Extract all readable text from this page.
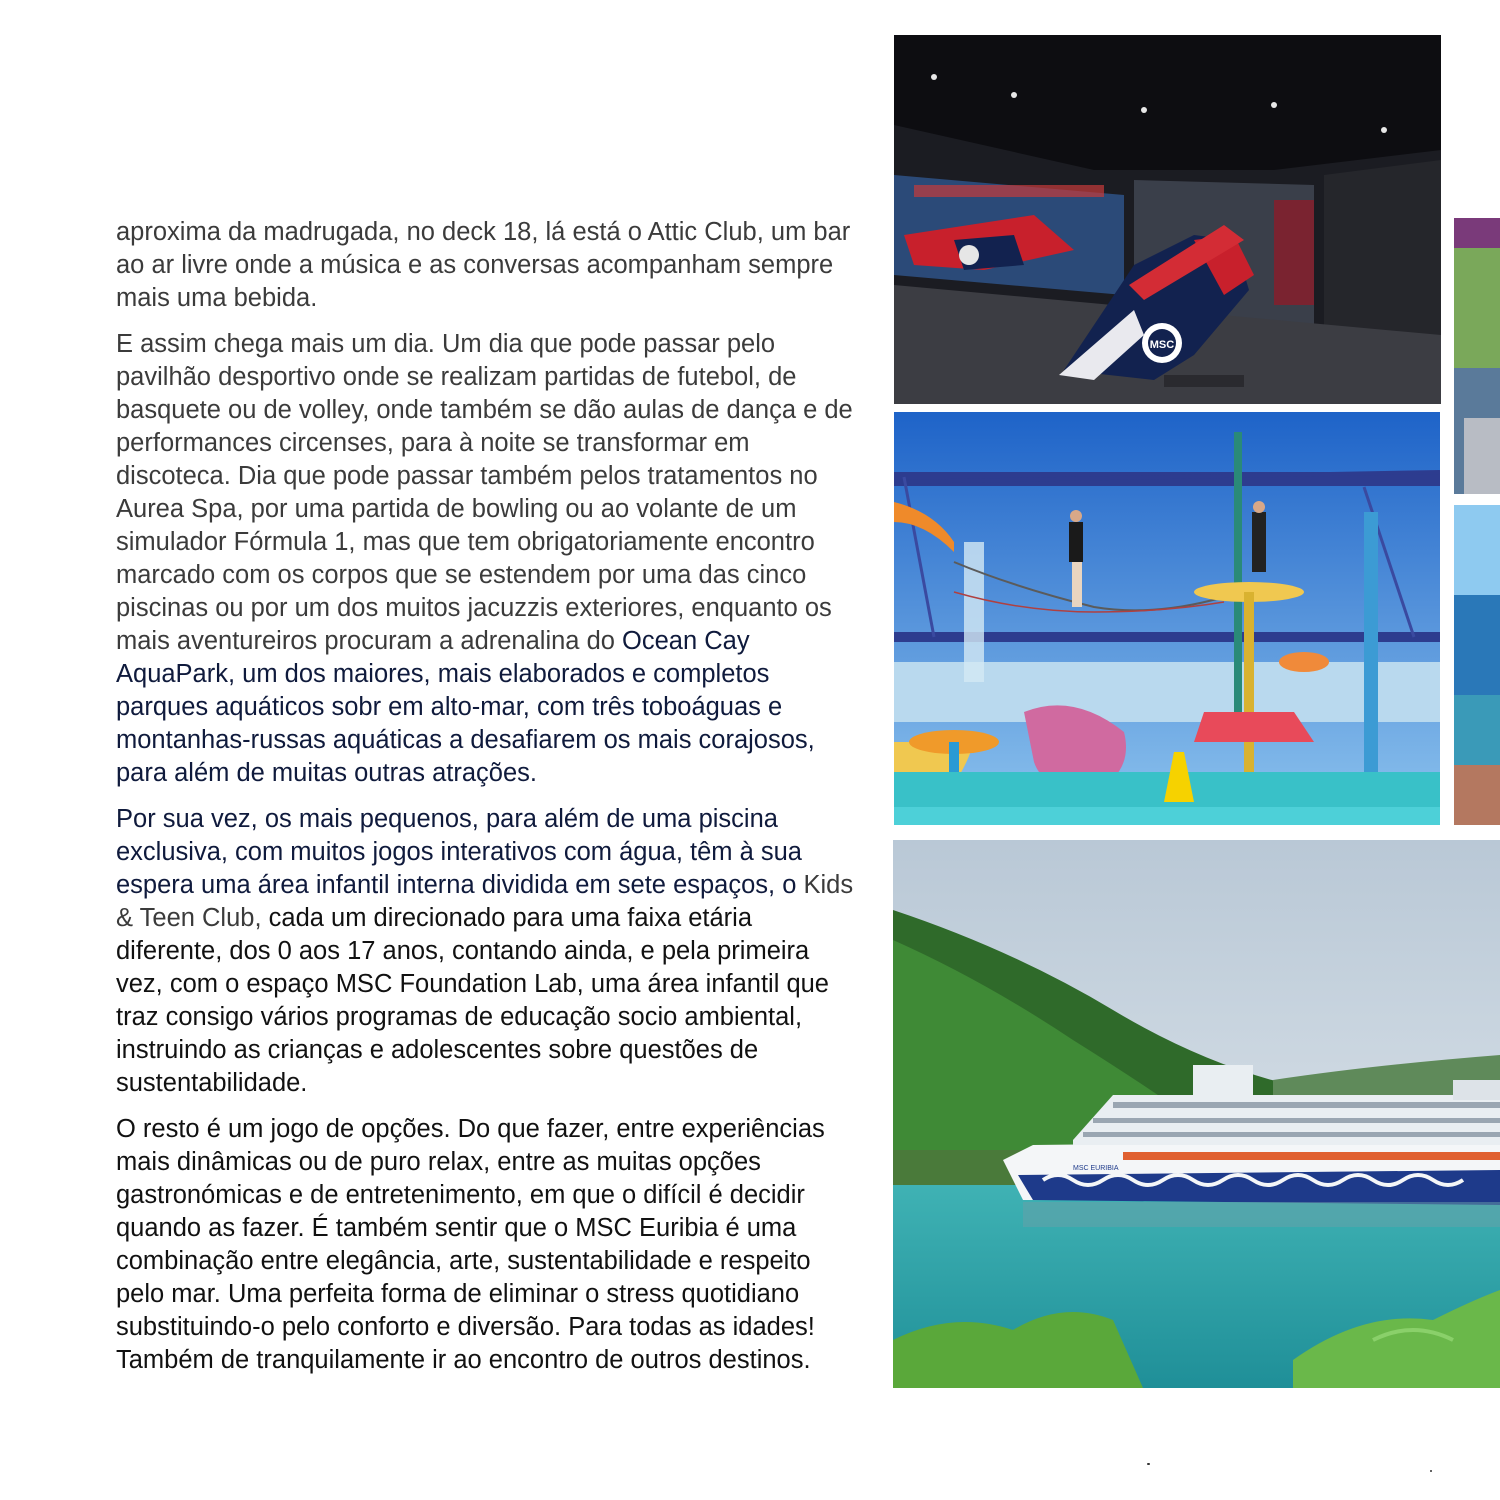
aproxima da madrugada, no deck 18, lá está o Attic Club, um bar ao ar livre onde a música e as conversas acompanham sempre mais uma bebida.

E assim chega mais um dia. Um dia que pode passar pelo pavilhão desportivo onde se realizam partidas de futebol, de basquete ou de volley, onde também se dão aulas de dança e de performances circenses, para à noite se transformar em discoteca. Dia que pode passar também pelos tratamentos no Aurea Spa, por uma partida de bowling ou ao volante de um simulador Fórmula 1, mas que tem obrigatoriamente encontro marcado com os corpos que se estendem por uma das cinco piscinas ou por um dos muitos jacuzzis exteriores, enquanto os mais aventureiros procuram a adrenalina do Ocean Cay AquaPark, um dos maiores, mais elaborados e completos parques aquáticos sobr em alto-mar, com três toboáguas e montanhas-russas aquáticas a desafiarem os mais corajosos, para além de muitas outras atrações.

Por sua vez, os mais pequenos, para além de uma piscina exclusiva, com muitos jogos interativos com água, têm à sua espera uma área infantil interna dividida em sete espaços, o Kids & Teen Club, cada um direcionado para uma faixa etária diferente, dos 0 aos 17 anos, contando ainda, e pela primeira vez, com o espaço MSC Foundation Lab, uma área infantil que traz consigo vários programas de educação socio ambiental, instruindo as crianças e adolescentes sobre questões de sustentabilidade.

O resto é um jogo de opções. Do que fazer, entre experiências mais dinâmicas ou de puro relax, entre as muitas opções gastronómicas e de entretenimento, em que o difícil é decidir quando as fazer. É também sentir que o MSC Euribia é uma combinação entre elegância, arte, sustentabilidade e respeito pelo mar. Uma perfeita forma de eliminar o stress quotidiano substituindo-o pelo conforto e diversão. Para todas as idades! Também de tranquilamente ir ao encontro de outros destinos.

MSC
MSC EURIBIA
